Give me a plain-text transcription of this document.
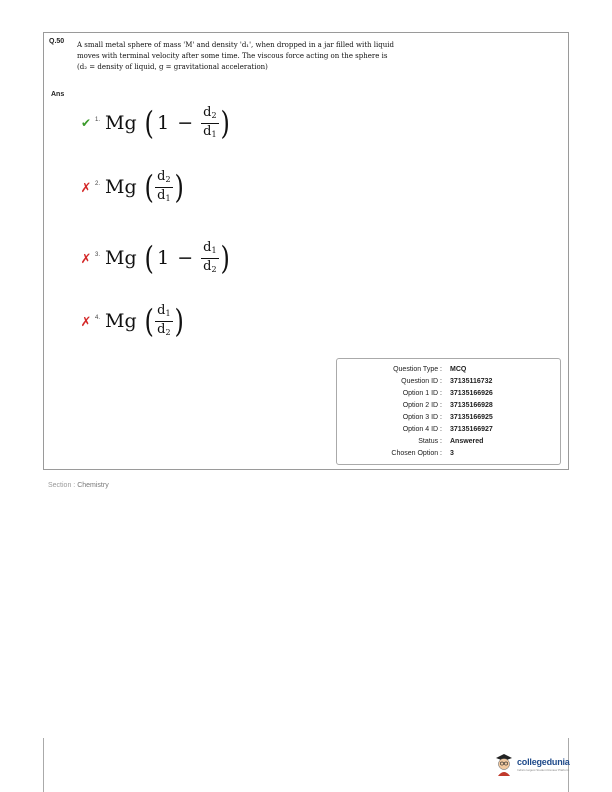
Q.50 A small metal sphere of mass 'M' and density 'd₁', when dropped in a jar filled with liquid moves with terminal velocity after some time. The viscous force acting on the sphere is
(d₂ = density of liquid, g = gravitational acceleration)
Ans
✔ 1. Mg ( $1 - \frac{d_2}{d_1}$ )
✗ 2. Mg ( $\frac{d_2}{d_1}$ )
✗ 3. Mg ( $1 - \frac{d_1}{d_2}$ )
✗ 4. Mg ( $\frac{d_1}{d_2}$ )
Question Type : MCQ
Question ID : 37135116732
Option 1 ID : 37135166926
Option 2 ID : 37135166928
Option 3 ID : 37135166925
Option 4 ID : 37135166927
Status : Answered
Chosen Option : 3
Section : Chemistry
collegedunia
India's largest Student Review Platform
